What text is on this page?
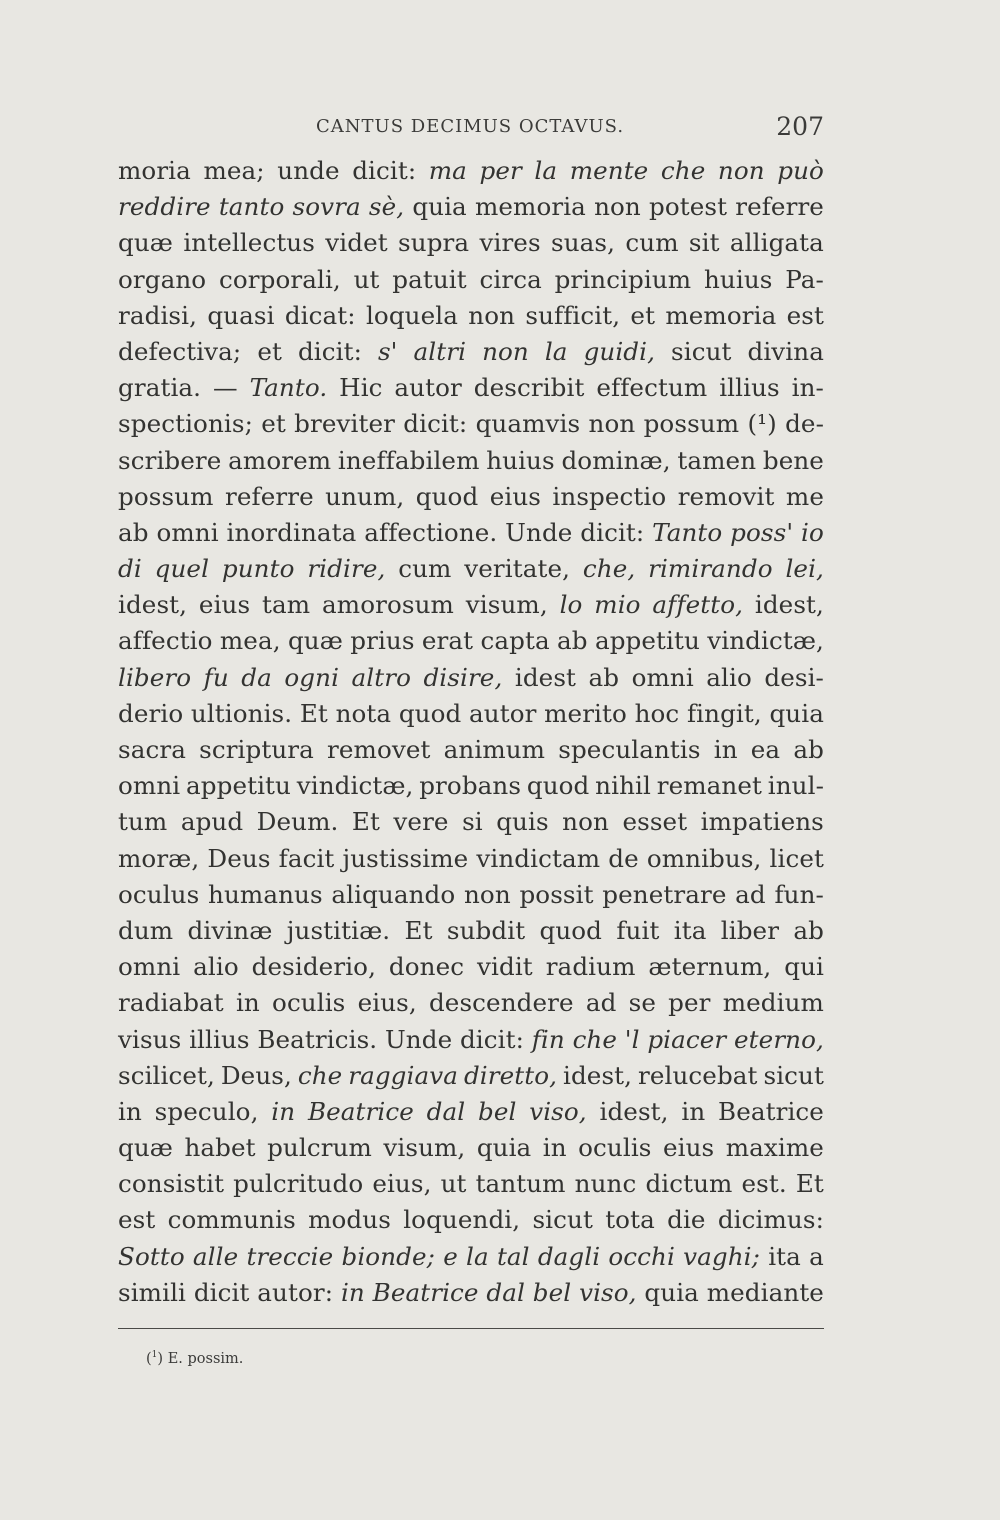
CANTUS DECIMUS OCTAVUS.	207
moria mea; unde dicit: ma per la mente che non può
reddire tanto sovra sè, quia memoria non potest referre
quæ intellectus videt supra vires suas, cum sit alligata
organo corporali, ut patuit circa principium huius Pa-
radisi, quasi dicat: loquela non sufficit, et memoria est
defectiva; et dicit: s' altri non la guidi, sicut divina
gratia. — Tanto. Hic autor describit effectum illius in-
spectionis; et breviter dicit: quamvis non possum (¹) de-
scribere amorem ineffabilem huius dominæ, tamen bene
possum referre unum, quod eius inspectio removit me
ab omni inordinata affectione. Unde dicit: Tanto poss' io
di quel punto ridire, cum veritate, che, rimirando lei,
idest, eius tam amorosum visum, lo mio affetto, idest,
affectio mea, quæ prius erat capta ab appetitu vindictæ,
libero fu da ogni altro disire, idest ab omni alio desi-
derio ultionis. Et nota quod autor merito hoc fingit, quia
sacra scriptura removet animum speculantis in ea ab
omni appetitu vindictæ, probans quod nihil remanet inul-
tum apud Deum. Et vere si quis non esset impatiens
moræ, Deus facit justissime vindictam de omnibus, licet
oculus humanus aliquando non possit penetrare ad fun-
dum divinæ justitiæ. Et subdit quod fuit ita liber ab
omni alio desiderio, donec vidit radium æternum, qui
radiabat in oculis eius, descendere ad se per medium
visus illius Beatricis. Unde dicit: fin che 'l piacer eterno,
scilicet, Deus, che raggiava diretto, idest, relucebat sicut
in speculo, in Beatrice dal bel viso, idest, in Beatrice
quæ habet pulcrum visum, quia in oculis eius maxime
consistit pulcritudo eius, ut tantum nunc dictum est. Et
est communis modus loquendi, sicut tota die dicimus:
Sotto alle treccie bionde; e la tal dagli occhi vaghi; ita a
simili dicit autor: in Beatrice dal bel viso, quia mediante
($^1$) E. possim.
